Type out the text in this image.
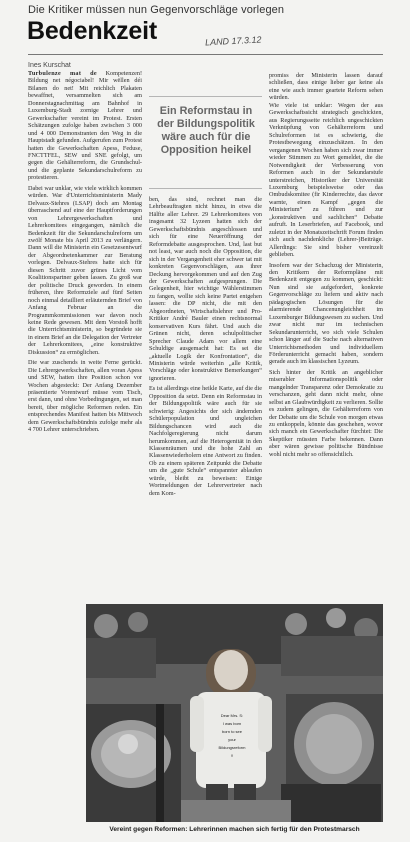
Die Kritiker müssen nun Gegenvorschläge vorlegen
Bedenkzeit	LAND 17.3.12
Ines Kurschat

Turbulenze mat de Kompetenzen! Bildung net négociabel! Mir wëllen déi Bilanen do net! Mit reichlich Plakaten bewaffnet, versammelten sich am Donnerstagnachmittag am Bahnhof in Luxemburg-Stadt zornige Lehrer und Gewerkschafter vereint im Protest. Ersten Schätzungen zufolge haben zwischen 3 000 und 4 000 Demonstranten den Weg in die Hauptstadt gefunden. Aufgerufen zum Protest hatten die Gewerkschaften Apess, Feduse, FNCTTFEL, SEW und SNE gefolgt, um gegen die Gehälterreform, die Grundschul- und die geplante Sekundarschulreform zu protestieren.

Dabei war unklar, wie viele wirklich kommen würden. War d'Unterrichtsministerin Mady Delvaux-Stehres (LSAP) doch am Montag überraschend auf eine der Hauptforderungen von Lehrergewerkschaften und Lehrerkomitees eingegangen, nämlich die Bedenkzeit für die Sekundarschulreform um zwölf Monate bis April 2013 zu verlängern. Dann will die Ministerin ein Gesetzesentwurf der Abgeordnetenkammer zur Beratung vorlegen. Delvaux-Stehres hatte sich für diesen Schritt zuvor grünes Licht vom Koalitionspartner geben lassen. Zu groß war der politische Druck geworden. In einem früheren, ihre Reformziele auf fünf Seiten noch einmal detailliert erläuternden Brief von Anfang Februar an die Programmkommissionen war davon noch keine Rede gewesen. Mit dem Vorstoß hofft die Unterrichtsministerin, so begründete sie in einem Brief an die Delegation der Vertreter der Lehrerkomitees, „eine konstruktive Diskussion“ zu ermöglichen.

Die war zuschends in weite Ferne gerückt. Die Lehrergewerkschaften, allen voran Apess und SEW, hatten ihre Position schon vor Wochen abgesteckt: Der Anfang Dezember präsentierte Vorentwurf müsse vom Tisch, erst dann, und ohne Vorbedingungen, sei man bereit, über mögliche Reformen reden. Ein entsprechendes Manifest hatten bis Mittwoch dem Gewerkschaftsbündnis zufolge mehr als 4 700 Lehrer unterschrieben.

Ein Reformstau in der Bildungspolitik wäre auch für die Opposition heikel

ben, das sind, rechnet man die Lehrbeauftragten nicht hinzu, in etwa die Hälfte aller Lehrer. 29 Lehrerkomitees von insgesamt 32 Lyzeen hatten sich der Gewerkschaftsbündnis angeschlossen und sich für eine Neueröffnung der Reformdebatte ausgesprochen. Und, last but not least, war auch noch die Opposition, die sich in der Vergangenheit eher schwer tat mit konkreten Gegenvorschlägen, aus ihrer Deckung hervorgekommen und auf den Zug der Gewerkschaften aufgesprungen. Die Gelegenheit, hier wichtige Wählerstimmen zu fangen, wollte sich keine Partei entgehen lassen: die DP nicht, die mit den Abgeordneten, Wirtschaftslehrer und Pro-Kritiker André Bauler einen rechtsnormal konservativen Kurs fährt. Und auch die Grünen nicht, deren schulpolitischer Sprecher Claude Adam vor allem eine Schuldige ausgemacht hat: Es sei die „aktuelle Logik der Konfrontation“, die Ministerin würde weiterhin „alle Kritik, Vorschläge oder konstruktive Bemerkungen“ ignorieren.

Es ist allerdings eine heikle Karte, auf die die Opposition da setzt. Denn ein Reformstau in der Bildungspolitik wäre auch für sie schwierig: Angesichts der sich ändernden Schülerpopulation und ungleichen Bildungschancen wird auch die Nachfolgeregierung nicht darum herumkommen, auf die Heterogenität in den Klassenräumen und die hohe Zahl an Klassenwiederholern eine Antwort zu finden. Ob zu einem späteren Zeitpunkt die Debatte um die „gute Schule“ entspannter ablaufen würde, bleibt zu beweisen: Einige Wortmeldungen der Lehrervertreter nach dem Kom-

promiss der Ministerin lassen darauf schließen, dass einige lieber gar keine als eine wie auch immer geartete Reform sehen würden.

Wie viele ist unklar: Wegen der aus Gewerkschaftssicht strategisch geschickten, aus Regierungsseite reichlich ungeschickten Verknüpfung von Gehälterreform und Schulreformen ist es schwierig, die Protestbewegung einzuschätzen. In den vergangenen Wochen haben sich zwar immer wieder Stimmen zu Wort gemeldet, die die Notwendigkeit der Verbesserung von Reformen auch in der Sekundarstufe unterstreichen, Historiker der Universität Luxemburg beispielsweise oder das Ombudskomitee (fir Kinderrechte, das davor warnte, einen Kampf „gegen die Ministerium“ zu führen und zur „konstruktiven und sachlichen“ Debatte aufruft. In Leserbriefen, auf Facebook, und zuletzt in der Monatszeitschrift Forum finden sich auch nachdenkliche (Lehrer-)Beiträge. Allerdings: Sie sind bisher vereinzelt geblieben.

Insofern war der Schachzug der Ministerin, den Kritikern der Reformpläne mit Bedenkzeit entgegen zu kommen, geschickt: Nun sind sie aufgefordert, konkrete Gegenvorschläge zu liefern und aktiv nach pädagogischen Lösungen für die alarmierende Chancenungleichheit im Luxemburger Bildungswesen zu suchen. Und zwar nicht nur im technischen Sekundarunterricht, wo sich viele Schulen schon länger auf die Suche nach alternativen Unterrichtsmethoden und individuellem Förderunterricht gemacht haben, sondern gerade auch im klassischen Lyzeum.

Sich hinter der Kritik an angeblicher miserabler Informationspolitik oder mangelnder Transparenz oder Demokratie zu verschanzen, geht dann nicht mehr, ohne selbst an Glaubwürdigkeit zu verlieren. Sollte es zudem gelingen, die Gehälterreform von der Debatte um die Schule von morgen etwas zu entkoppeln, könnte das geschehen, wovor sich manch ein Gewerkschafter fürchtet: Die Skeptiker müssten Farbe bekennen. Dann aber wären gewisse politische Bündnisse wohl nicht mehr so offensichtlich.

Dear Mrs. S:
I was born
born to see
your
Bildungsreform
!!
Vereint gegen Reformen: Lehrerinnen machen sich fertig für den Protestmarsch
